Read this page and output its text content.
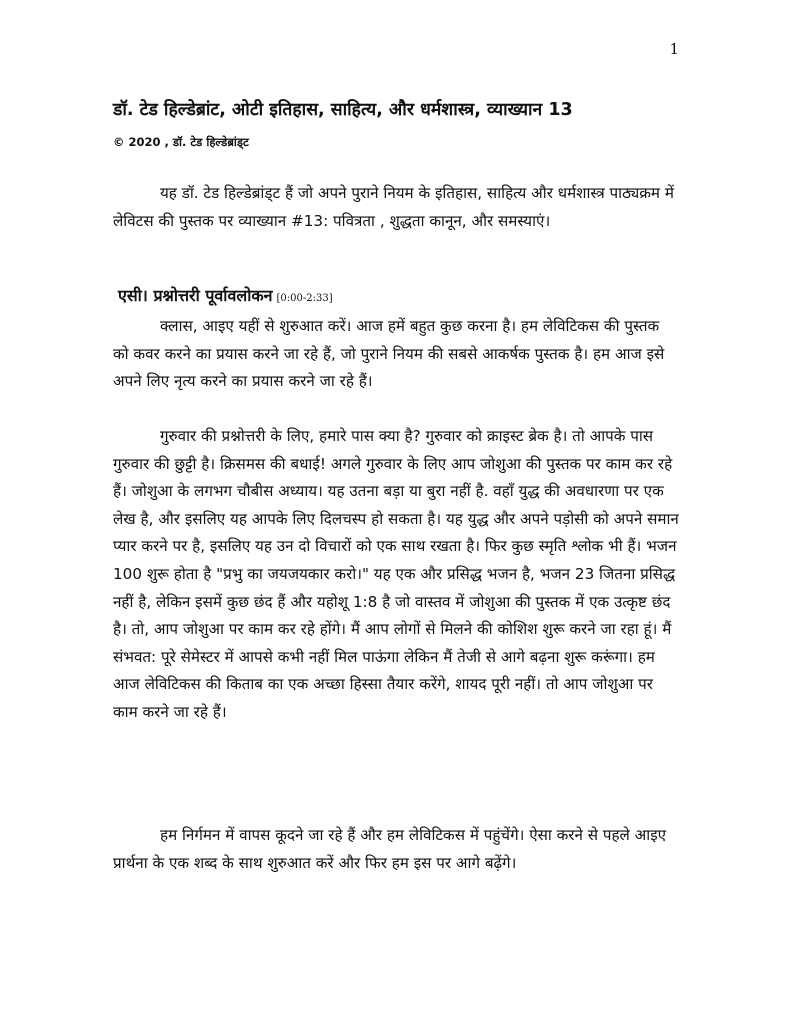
1
डॉ. टेड हिल्डेब्रांट, ओटी इतिहास, साहित्य, और धर्मशास्त्र, व्याख्यान 13

© 2020 , डॉ. टेड हिल्डेब्रांड्ट

यह डॉ. टेड हिल्डेब्रांड्ट हैं जो अपने पुराने नियम के इतिहास, साहित्य और धर्मशास्त्र पाठ्यक्रम में लेविटस की पुस्तक पर व्याख्यान #13: पवित्रता , शुद्धता कानून, और समस्याएं।

एसी। प्रश्नोत्तरी पूर्वावलोकन [0:00-2:33]

क्लास, आइए यहीं से शुरुआत करें। आज हमें बहुत कुछ करना है। हम लेविटिकस की पुस्तक को कवर करने का प्रयास करने जा रहे हैं, जो पुराने नियम की सबसे आकर्षक पुस्तक है। हम आज इसे अपने लिए नृत्य करने का प्रयास करने जा रहे हैं।

गुरुवार की प्रश्नोत्तरी के लिए, हमारे पास क्या है? गुरुवार को क्राइस्ट ब्रेक है। तो आपके पास गुरुवार की छुट्टी है। क्रिसमस की बधाई! अगले गुरुवार के लिए आप जोशुआ की पुस्तक पर काम कर रहे हैं। जोशुआ के लगभग चौबीस अध्याय। यह उतना बड़ा या बुरा नहीं है. वहाँ युद्ध की अवधारणा पर एक लेख है, और इसलिए यह आपके लिए दिलचस्प हो सकता है। यह युद्ध और अपने पड़ोसी को अपने समान प्यार करने पर है, इसलिए यह उन दो विचारों को एक साथ रखता है। फिर कुछ स्मृति श्लोक भी हैं। भजन 100 शुरू होता है "प्रभु का जयजयकार करो।" यह एक और प्रसिद्ध भजन है, भजन 23 जितना प्रसिद्ध नहीं है, लेकिन इसमें कुछ छंद हैं और यहोशू 1:8 है जो वास्तव में जोशुआ की पुस्तक में एक उत्कृष्ट छंद है। तो, आप जोशुआ पर काम कर रहे होंगे। मैं आप लोगों से मिलने की कोशिश शुरू करने जा रहा हूं। मैं संभवत: पूरे सेमेस्टर में आपसे कभी नहीं मिल पाऊंगा लेकिन मैं तेजी से आगे बढ़ना शुरू करूंगा। हम आज लेविटिकस की किताब का एक अच्छा हिस्सा तैयार करेंगे, शायद पूरी नहीं। तो आप जोशुआ पर काम करने जा रहे हैं।

हम निर्गमन में वापस कूदने जा रहे हैं और हम लेविटिकस में पहुंचेंगे। ऐसा करने से पहले आइए प्रार्थना के एक शब्द के साथ शुरुआत करें और फिर हम इस पर आगे बढ़ेंगे।
